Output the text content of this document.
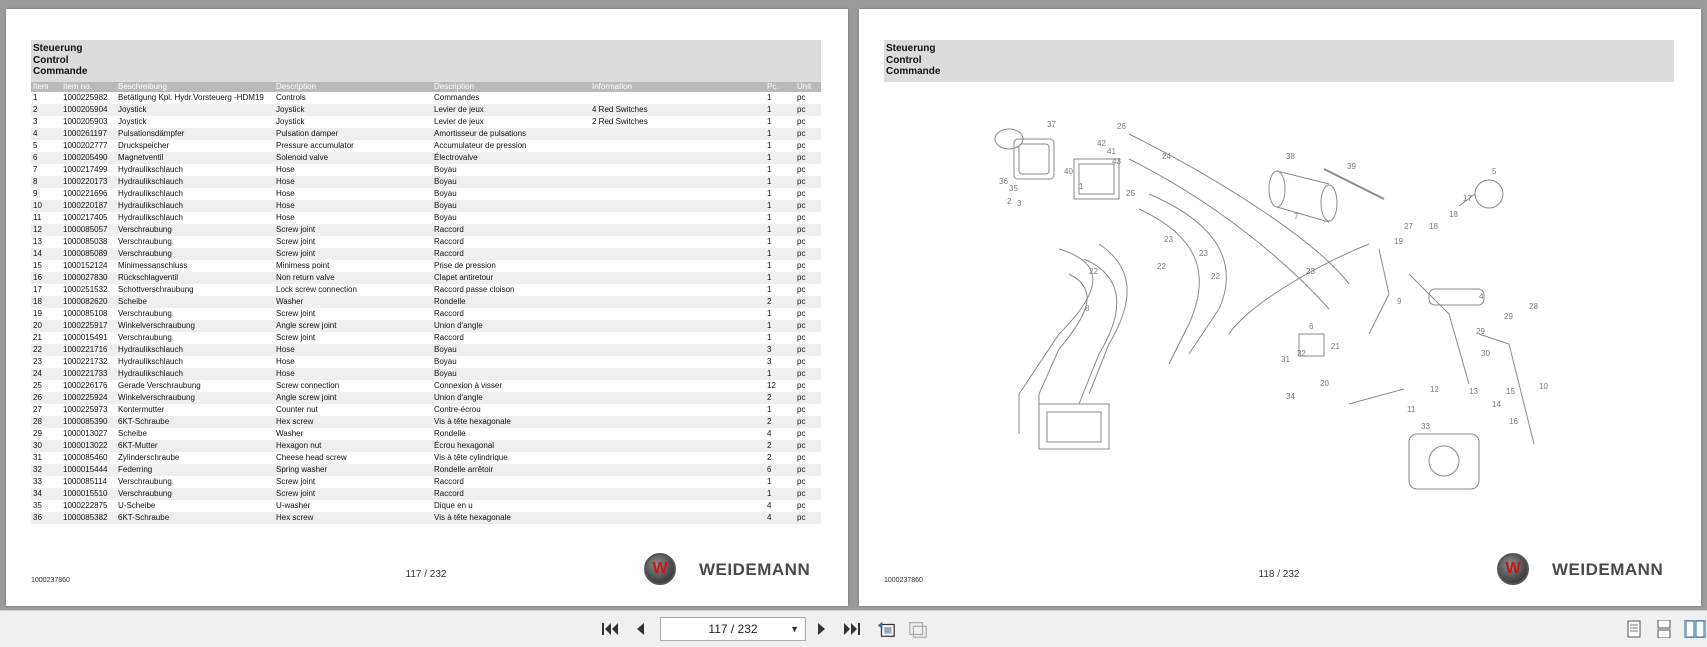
Steuerung
Control
Commande
Item	Item no.	Beschreibung	Description	Description	Information	Pc.	Unit
1	1000225982	Betätigung Kpl. Hydr.Vorsteuerg -HDM19	Controls	Commandes		1	pc
2	1000205904	Joystick	Joystick	Levier de jeux	4 Red Switches	1	pc
3	1000205903	Joystick	Joystick	Levier de jeux	2 Red Switches	1	pc
4	1000261197	Pulsationsdämpfer	Pulsation damper	Amortisseur de pulsations		1	pc
5	1000202777	Druckspeicher	Pressure accumulator	Accumulateur de pression		1	pc
6	1000205490	Magnetventil	Solenoid valve	Électrovalve		1	pc
7	1000217499	Hydraulikschlauch	Hose	Boyau		1	pc
8	1000220173	Hydraulikschlauch	Hose	Boyau		1	pc
9	1000221696	Hydraulikschlauch	Hose	Boyau		1	pc
10	1000220187	Hydraulikschlauch	Hose	Boyau		1	pc
11	1000217405	Hydraulikschlauch	Hose	Boyau		1	pc
12	1000085057	Verschraubung	Screw joint	Raccord		1	pc
13	1000085038	Verschraubung	Screw joint	Raccord		1	pc
14	1000085089	Verschraubung	Screw joint	Raccord		1	pc
15	1000152124	Minimessanschluss	Minimess point	Prise de pression		1	pc
16	1000027830	Rückschlagventil	Non return valve	Clapet antiretour		1	pc
17	1000251532	Schottverschraubung	Lock screw connection	Raccord passe cloison		1	pc
18	1000082620	Scheibe	Washer	Rondelle		2	pc
19	1000085108	Verschraubung	Screw joint	Raccord		1	pc
20	1000225917	Winkelverschraubung	Angle screw joint	Union d'angle		1	pc
21	1000015491	Verschraubung	Screw joint	Raccord		1	pc
22	1000221716	Hydraulikschlauch	Hose	Boyau		3	pc
23	1000221732	Hydraulikschlauch	Hose	Boyau		3	pc
24	1000221733	Hydraulikschlauch	Hose	Boyau		1	pc
25	1000226176	Gerade Verschraubung	Screw connection	Connexion à visser		12	pc
26	1000225924	Winkelverschraubung	Angle screw joint	Union d'angle		2	pc
27	1000225973	Kontermutter	Counter nut	Contre-écrou		1	pc
28	1000085390	6KT-Schraube	Hex screw	Vis à tête hexagonale		2	pc
29	1000013027	Scheibe	Washer	Rondelle		4	pc
30	1000013022	6KT-Mutter	Hexagon nut	Écrou hexagonal		2	pc
31	1000085460	Zylinderschraube	Cheese head screw	Vis à tête cylindrique		2	pc
32	1000015444	Federring	Spring washer	Rondelle arrêtoir		6	pc
33	1000085114	Verschraubung	Screw joint	Raccord		1	pc
34	1000015510	Verschraubung	Screw joint	Raccord		1	pc
35	1000222875	U-Scheibe	U-washer	Dique en u		4	pc
36	1000085382	6KT-Schraube	Hex screw	Vis à tête hexagonale		4	pc
1000237860
117 / 232	W WEIDEMANN
Steuerung
Control
Commande
37	26
42
41
40
43
36
35	1
25
24	38
39
5
17
18
18
27
19
7
23
23
22
22
22
8
23
4
28
29
29
30
9
6
21
31
32
20
34
12	13
14
15
16
11
10
33
2 3
1000237860
118 / 232	W WEIDEMANN
117 / 232	▼
